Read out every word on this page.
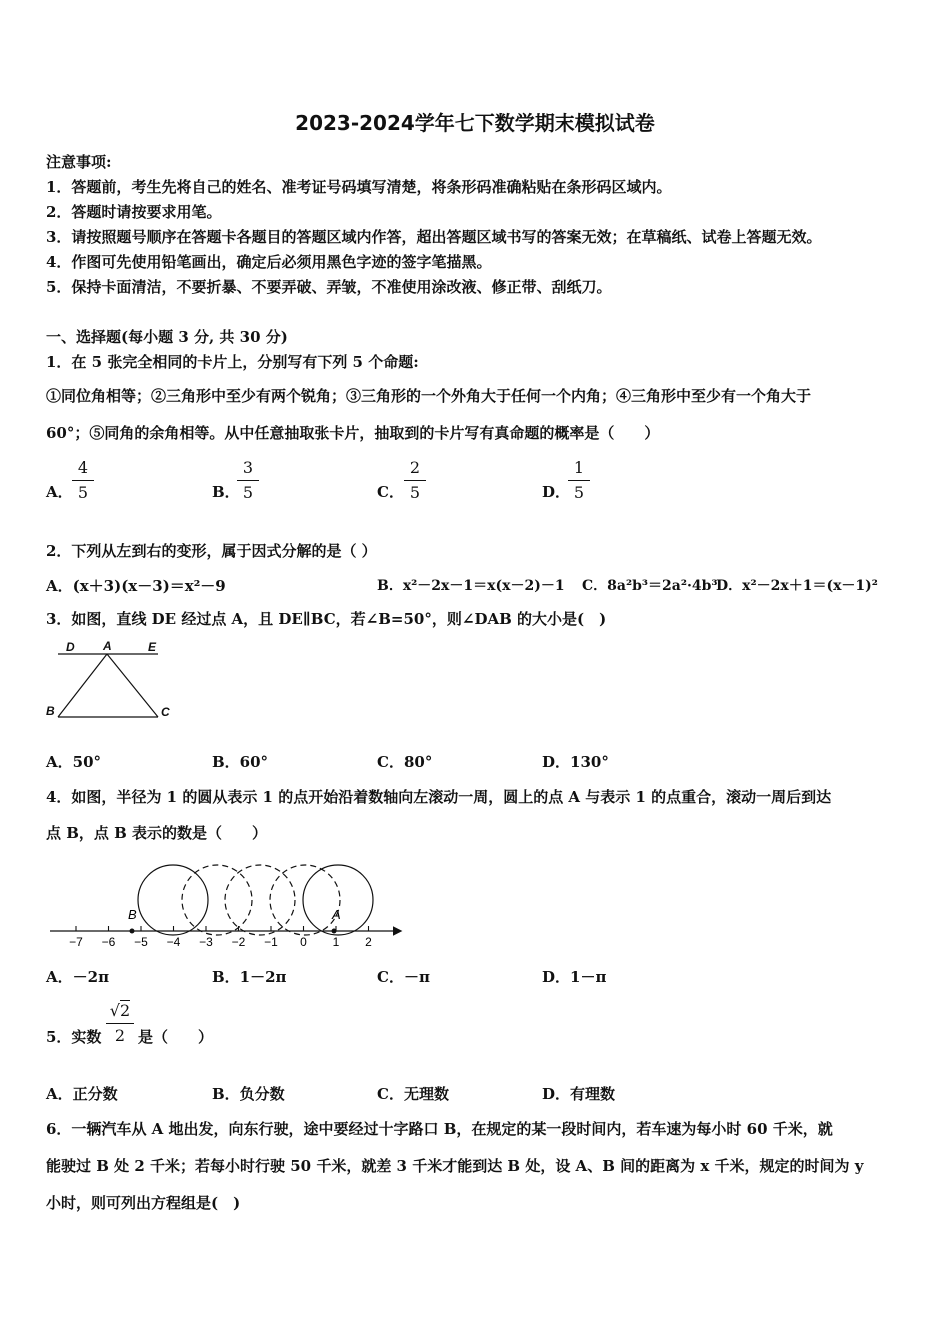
2023-2024学年七下数学期末模拟试卷
注意事项:
1．答题前，考生先将自己的姓名、准考证号码填写清楚，将条形码准确粘贴在条形码区域内。
2．答题时请按要求用笔。
3．请按照题号顺序在答题卡各题目的答题区域内作答，超出答题区域书写的答案无效；在草稿纸、试卷上答题无效。
4．作图可先使用铅笔画出，确定后必须用黑色字迹的签字笔描黑。
5．保持卡面清洁，不要折暴、不要弄破、弄皱，不准使用涂改液、修正带、刮纸刀。
一、选择题(每小题 3 分, 共 30 分)
1．在 5 张完全相同的卡片上，分别写有下列 5 个命题:
①同位角相等；②三角形中至少有两个锐角；③三角形的一个外角大于任何一个内角；④三角形中至少有一个角大于
60°；⑤同角的余角相等。从中任意抽取张卡片，抽取到的卡片写有真命题的概率是（　　）
A．
4
5	B．
3
5	C．
2
5	D．
1
5
2．下列从左到右的变形，属于因式分解的是（ ）
A．(x＋3)(x－3)＝x²－9	B．x²－2x－1＝x(x－2)－1 C．8a²b³＝2a²·4b³
D．x²－2x＋1＝(x－1)²
3．如图，直线 DE 经过点 A，且 DE∥BC，若∠B=50°，则∠DAB 的大小是(　)
D A	E
B	C
A．50°	B．60°	C．80°	D．130°
4．如图，半径为 1 的圆从表示 1 的点开始沿着数轴向左滚动一周，圆上的点 A 与表示 1 的点重合，滚动一周后到达
点 B，点 B 表示的数是（　　）
−7 −6 −5 −4 −3 −2 −1 0 1 2
B	A
A．－2π	B．1－2π	C．－π	D．1－π
5．实数
√2
2 是（　　）
A．正分数	B．负分数	C．无理数	D．有理数
6．一辆汽车从 A 地出发，向东行驶，途中要经过十字路口 B，在规定的某一段时间内，若车速为每小时 60 千米，就
能驶过 B 处 2 千米；若每小时行驶 50 千米，就差 3 千米才能到达 B 处，设 A、B 间的距离为 x 千米，规定的时间为 y
小时，则可列出方程组是(　)
